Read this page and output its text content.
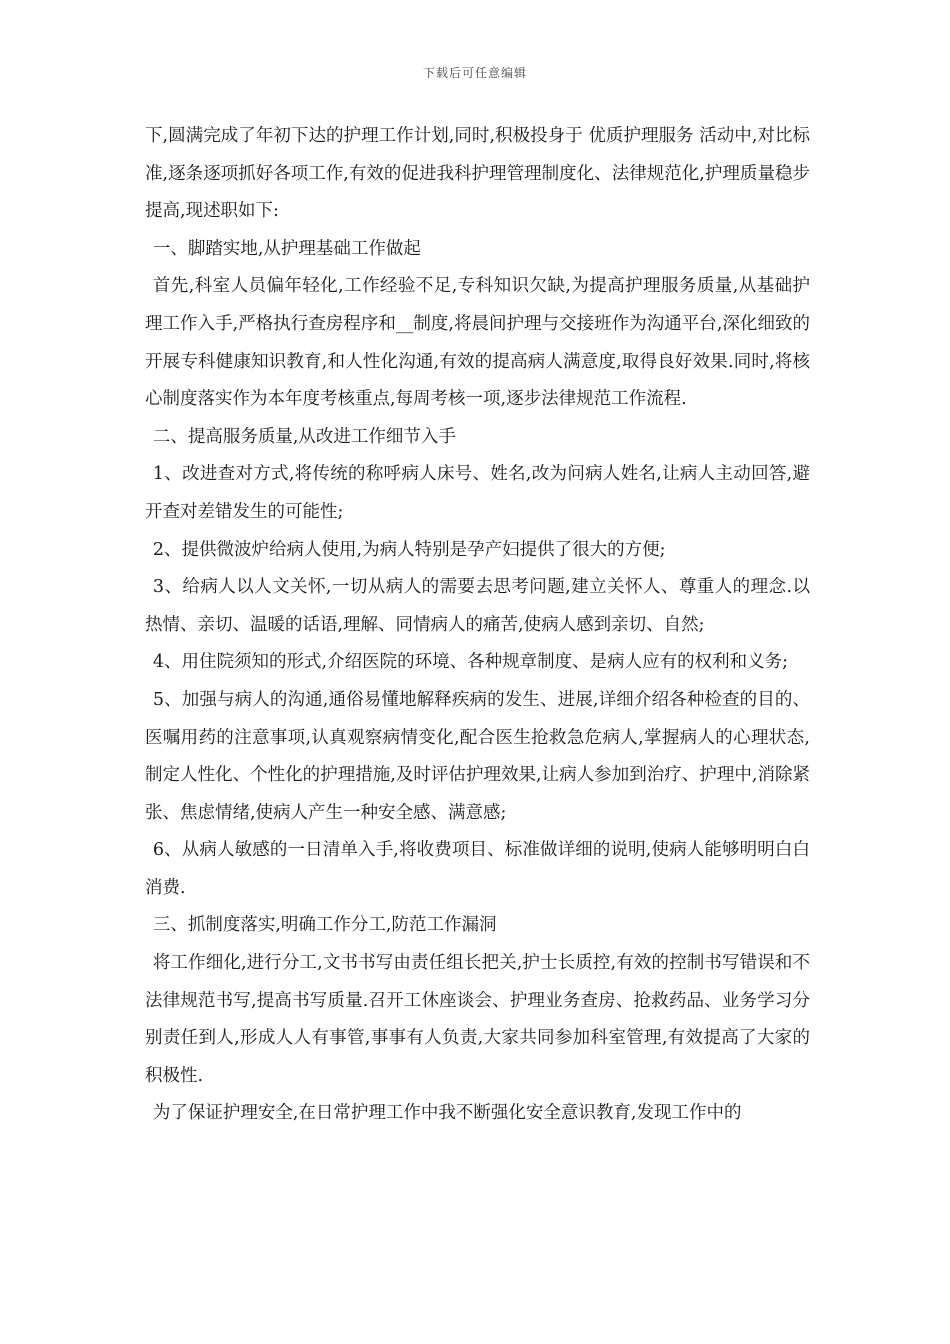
下载后可任意编辑

下,圆满完成了年初下达的护理工作计划,同时,积极投身于 优质护理服务 活动中,对比标准,逐条逐项抓好各项工作,有效的促进我科护理管理制度化、法律规范化,护理质量稳步提高,现述职如下:

一、脚踏实地,从护理基础工作做起

首先,科室人员偏年轻化,工作经验不足,专科知识欠缺,为提高护理服务质量,从基础护理工作入手,严格执行查房程序和__制度,将晨间护理与交接班作为沟通平台,深化细致的开展专科健康知识教育,和人性化沟通,有效的提高病人满意度,取得良好效果.同时,将核心制度落实作为本年度考核重点,每周考核一项,逐步法律规范工作流程.

二、提高服务质量,从改进工作细节入手

1、改进查对方式,将传统的称呼病人床号、姓名,改为问病人姓名,让病人主动回答,避开查对差错发生的可能性;

2、提供微波炉给病人使用,为病人特别是孕产妇提供了很大的方便;

3、给病人以人文关怀,一切从病人的需要去思考问题,建立关怀人、尊重人的理念.以热情、亲切、温暖的话语,理解、同情病人的痛苦,使病人感到亲切、自然;

4、用住院须知的形式,介绍医院的环境、各种规章制度、是病人应有的权利和义务;

5、加强与病人的沟通,通俗易懂地解释疾病的发生、进展,详细介绍各种检查的目的、医嘱用药的注意事项,认真观察病情变化,配合医生抢救急危病人,掌握病人的心理状态,制定人性化、个性化的护理措施,及时评估护理效果,让病人参加到治疗、护理中,消除紧张、焦虑情绪,使病人产生一种安全感、满意感;

6、从病人敏感的一日清单入手,将收费项目、标准做详细的说明,使病人能够明明白白消费.

三、抓制度落实,明确工作分工,防范工作漏洞

将工作细化,进行分工,文书书写由责任组长把关,护士长质控,有效的控制书写错误和不法律规范书写,提高书写质量.召开工休座谈会、护理业务查房、抢救药品、业务学习分别责任到人,形成人人有事管,事事有人负责,大家共同参加科室管理,有效提高了大家的积极性.

为了保证护理安全,在日常护理工作中我不断强化安全意识教育,发现工作中的
